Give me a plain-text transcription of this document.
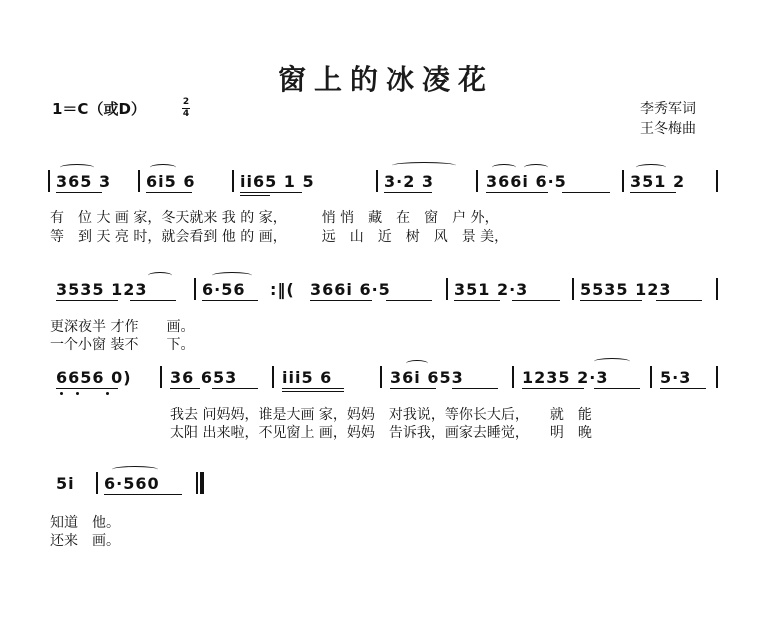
窗上的冰凌花
1＝C（或D）	2
4	李秀军词
王冬梅曲
365 3 6i5 6	ii65 1 5	3·2 3	366i 6·5	351 2
有　位 大 画 家，冬天就来 我 的 家，　　　悄 悄　藏　在　窗　户 外，
等　到 天 亮 时，就会看到 他 的 画，　　　远　山　近　树　风　景 美，
3535 123	6·56 :‖( 366i 6·5	351 2·3	5535 123
更深夜半 才作　　画。
一个小窗 装不　　下。
6656 0) 36 653	iii5 6	36i 653	1235 2·3	5·3
我去 问妈妈，谁是大画 家，妈妈　对我说，等你长大后，　　就　能
太阳 出来啦，不见窗上 画，妈妈　告诉我，画家去睡觉，　　明　晚
5i 6·560
知道　他。
还来　画。
